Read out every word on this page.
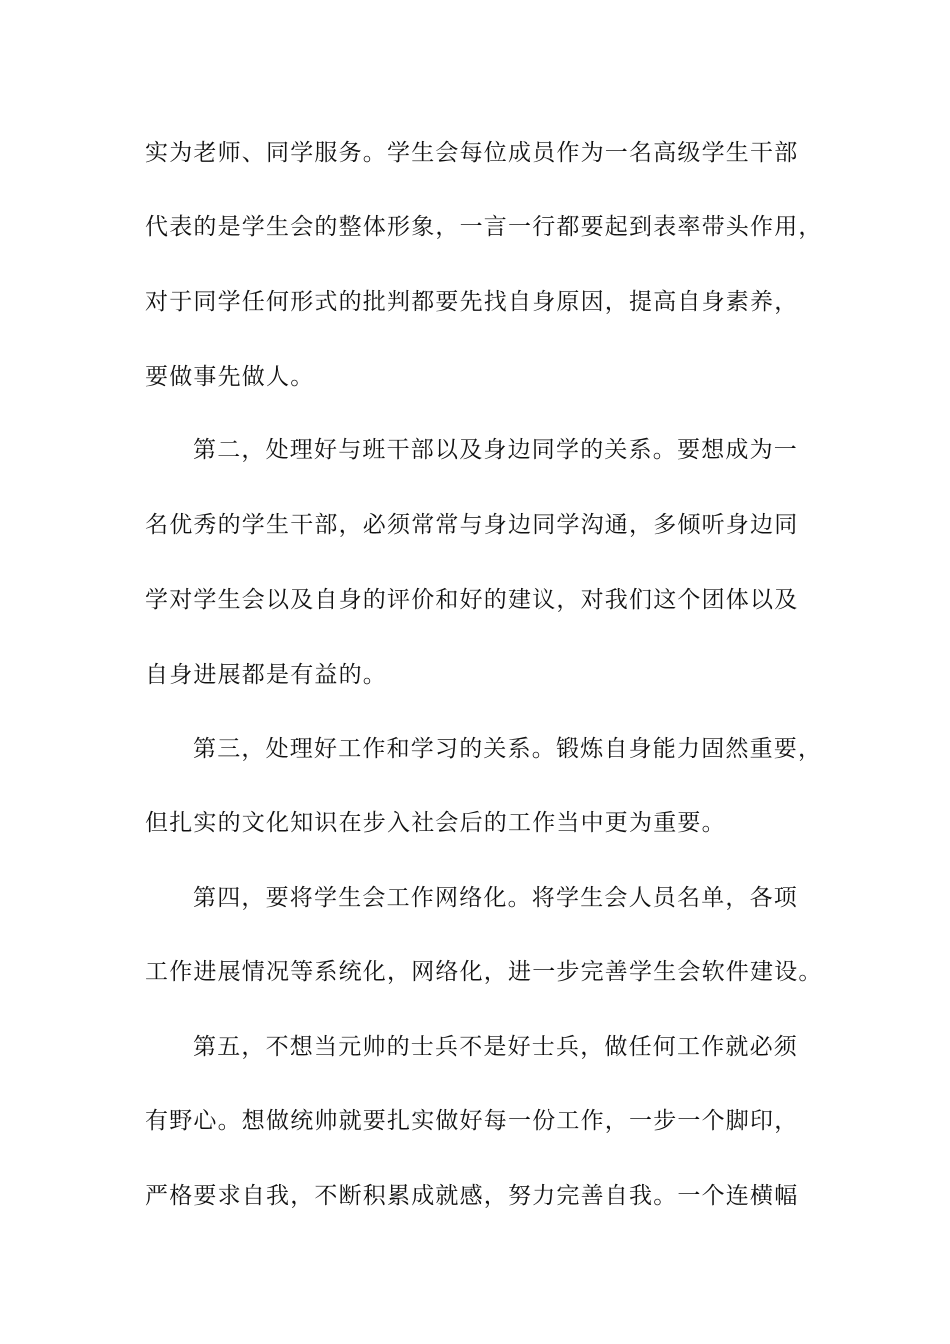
实为老师、同学服务。学生会每位成员作为一名高级学生干部
代表的是学生会的整体形象，一言一行都要起到表率带头作用，
对于同学任何形式的批判都要先找自身原因，提高自身素养，
要做事先做人。
第二，处理好与班干部以及身边同学的关系。要想成为一
名优秀的学生干部，必须常常与身边同学沟通，多倾听身边同
学对学生会以及自身的评价和好的建议，对我们这个团体以及
自身进展都是有益的。
第三，处理好工作和学习的关系。锻炼自身能力固然重要，
但扎实的文化知识在步入社会后的工作当中更为重要。
第四，要将学生会工作网络化。将学生会人员名单，各项
工作进展情况等系统化，网络化，进一步完善学生会软件建设。
第五，不想当元帅的士兵不是好士兵，做任何工作就必须
有野心。想做统帅就要扎实做好每一份工作，一步一个脚印，
严格要求自我，不断积累成就感，努力完善自我。一个连横幅
